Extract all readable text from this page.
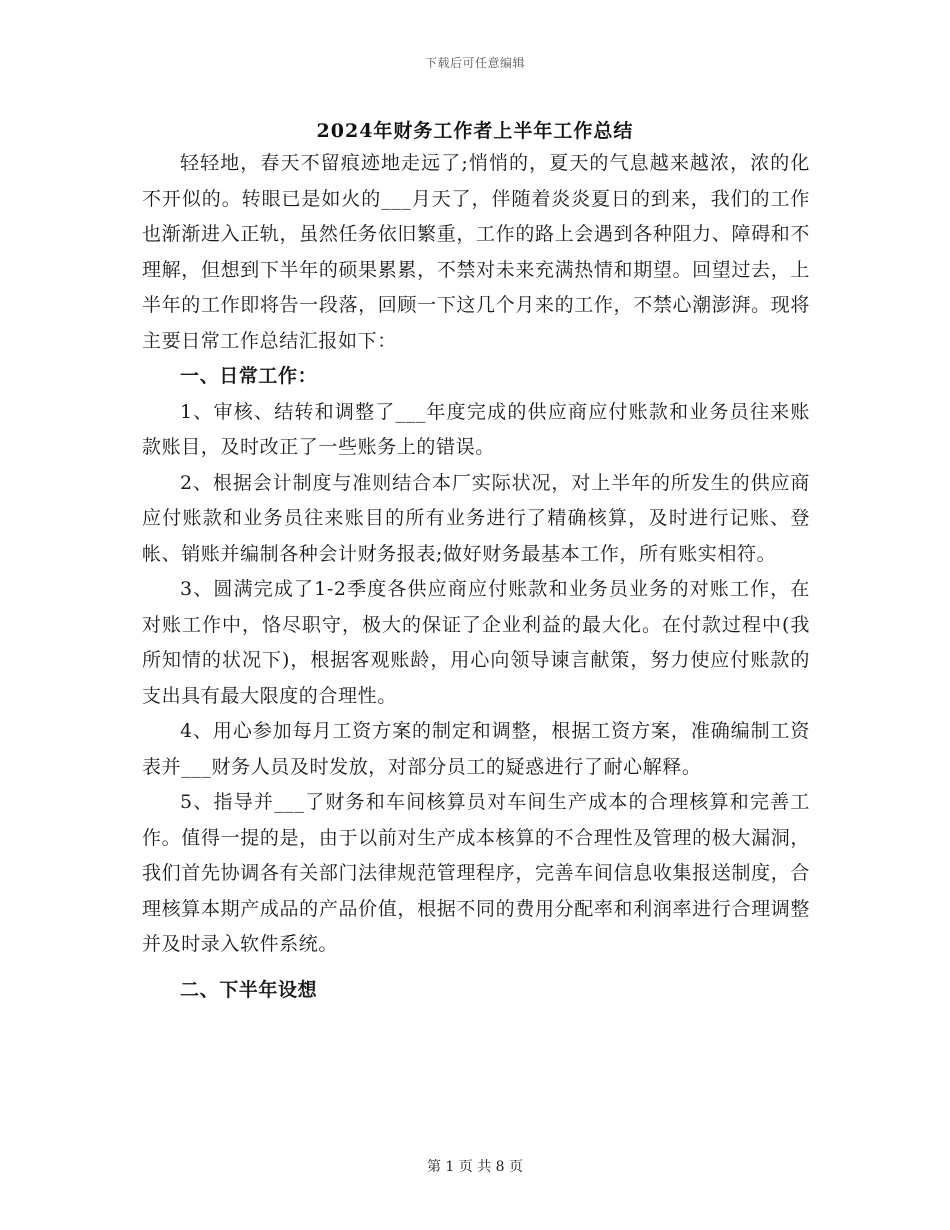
下载后可任意编辑
2024年财务工作者上半年工作总结

轻轻地，春天不留痕迹地走远了;悄悄的，夏天的气息越来越浓，浓的化不开似的。转眼已是如火的___月天了，伴随着炎炎夏日的到来，我们的工作也渐渐进入正轨，虽然任务依旧繁重，工作的路上会遇到各种阻力、障碍和不理解，但想到下半年的硕果累累，不禁对未来充满热情和期望。回望过去，上半年的工作即将告一段落，回顾一下这几个月来的工作，不禁心潮澎湃。现将主要日常工作总结汇报如下：

一、日常工作：

1、审核、结转和调整了___年度完成的供应商应付账款和业务员往来账款账目，及时改正了一些账务上的错误。

2、根据会计制度与准则结合本厂实际状况，对上半年的所发生的供应商应付账款和业务员往来账目的所有业务进行了精确核算，及时进行记账、登帐、销账并编制各种会计财务报表;做好财务最基本工作，所有账实相符。

3、圆满完成了1-2季度各供应商应付账款和业务员业务的对账工作，在对账工作中，恪尽职守，极大的保证了企业利益的最大化。在付款过程中(我所知情的状况下)，根据客观账龄，用心向领导谏言献策，努力使应付账款的支出具有最大限度的合理性。

4、用心参加每月工资方案的制定和调整，根据工资方案，准确编制工资表并___财务人员及时发放，对部分员工的疑惑进行了耐心解释。

5、指导并___了财务和车间核算员对车间生产成本的合理核算和完善工作。值得一提的是，由于以前对生产成本核算的不合理性及管理的极大漏洞，我们首先协调各有关部门法律规范管理程序，完善车间信息收集报送制度，合理核算本期产成品的产品价值，根据不同的费用分配率和利润率进行合理调整并及时录入软件系统。

二、下半年设想

第 1 页 共 8 页
